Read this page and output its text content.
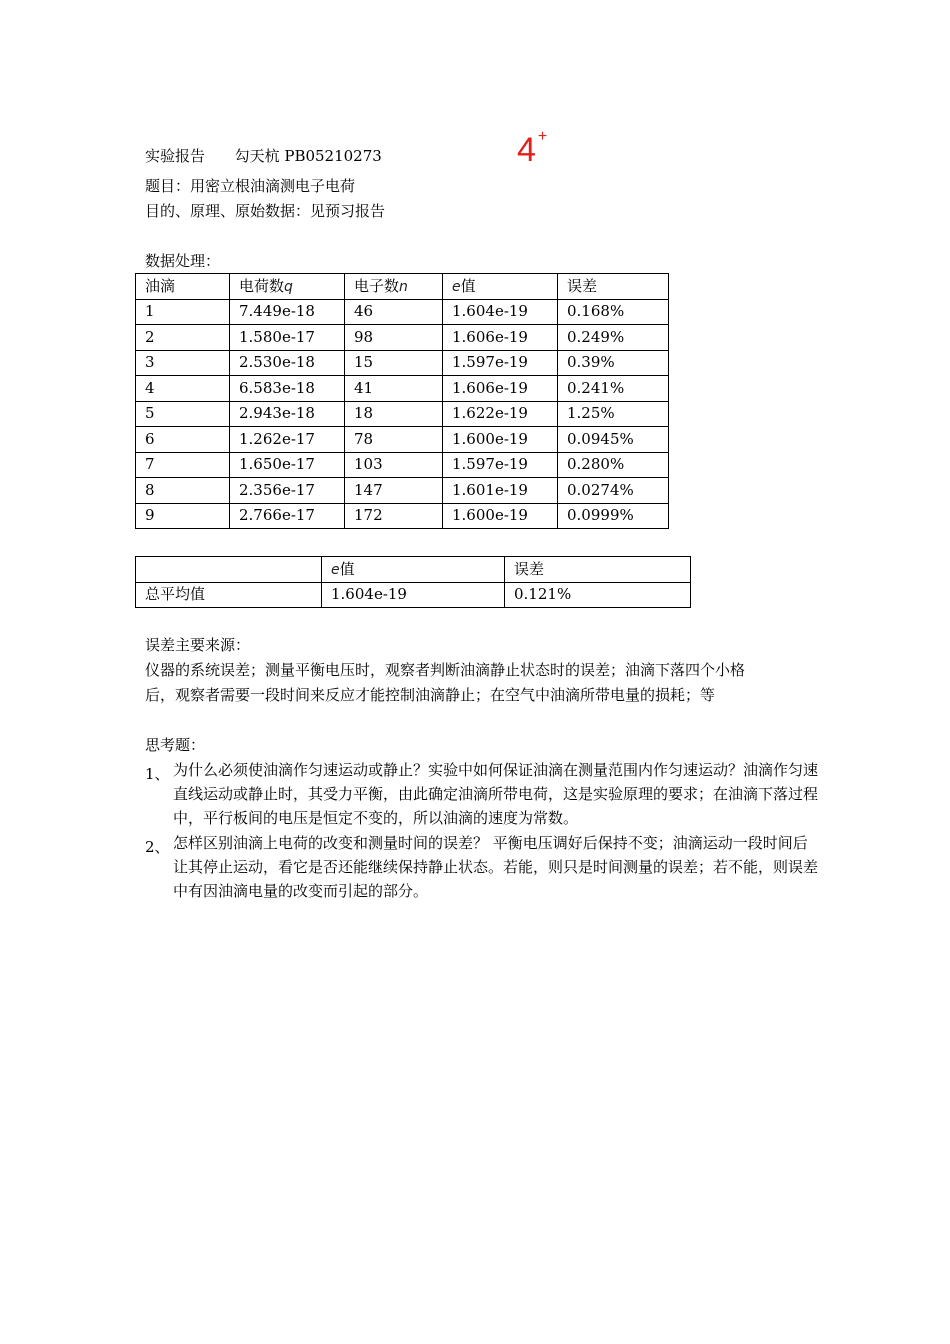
实验报告 勾天杭 PB05210273	4 +
题目：用密立根油滴测电子电荷
目的、原理、原始数据：见预习报告
数据处理：
油滴	电荷数q	电子数n	e值	误差
1	7.449e-18	46	1.604e-19	0.168%
2	1.580e-17	98	1.606e-19	0.249%
3	2.530e-18	15	1.597e-19	0.39%
4	6.583e-18	41	1.606e-19	0.241%
5	2.943e-18	18	1.622e-19	1.25%
6	1.262e-17	78	1.600e-19	0.0945%
7	1.650e-17	103	1.597e-19	0.280%
8	2.356e-17	147	1.601e-19	0.0274%
9	2.766e-17	172	1.600e-19	0.0999%
	e值	误差
总平均值	1.604e-19	0.121%
误差主要来源：
仪器的系统误差；测量平衡电压时，观察者判断油滴静止状态时的误差；油滴下落四个小格
后，观察者需要一段时间来反应才能控制油滴静止；在空气中油滴所带电量的损耗；等
思考题：
1、 为什么必须使油滴作匀速运动或静止？实验中如何保证油滴在测量范围内作匀速运动？油滴作匀速直线运动或静止时，其受力平衡，由此确定油滴所带电荷，这是实验原理的要求；在油滴下落过程中，平行板间的电压是恒定不变的，所以油滴的速度为常数。
2、 怎样区别油滴上电荷的改变和测量时间的误差？ 平衡电压调好后保持不变；油滴运动一段时间后让其停止运动，看它是否还能继续保持静止状态。若能，则只是时间测量的误差；若不能，则误差中有因油滴电量的改变而引起的部分。
